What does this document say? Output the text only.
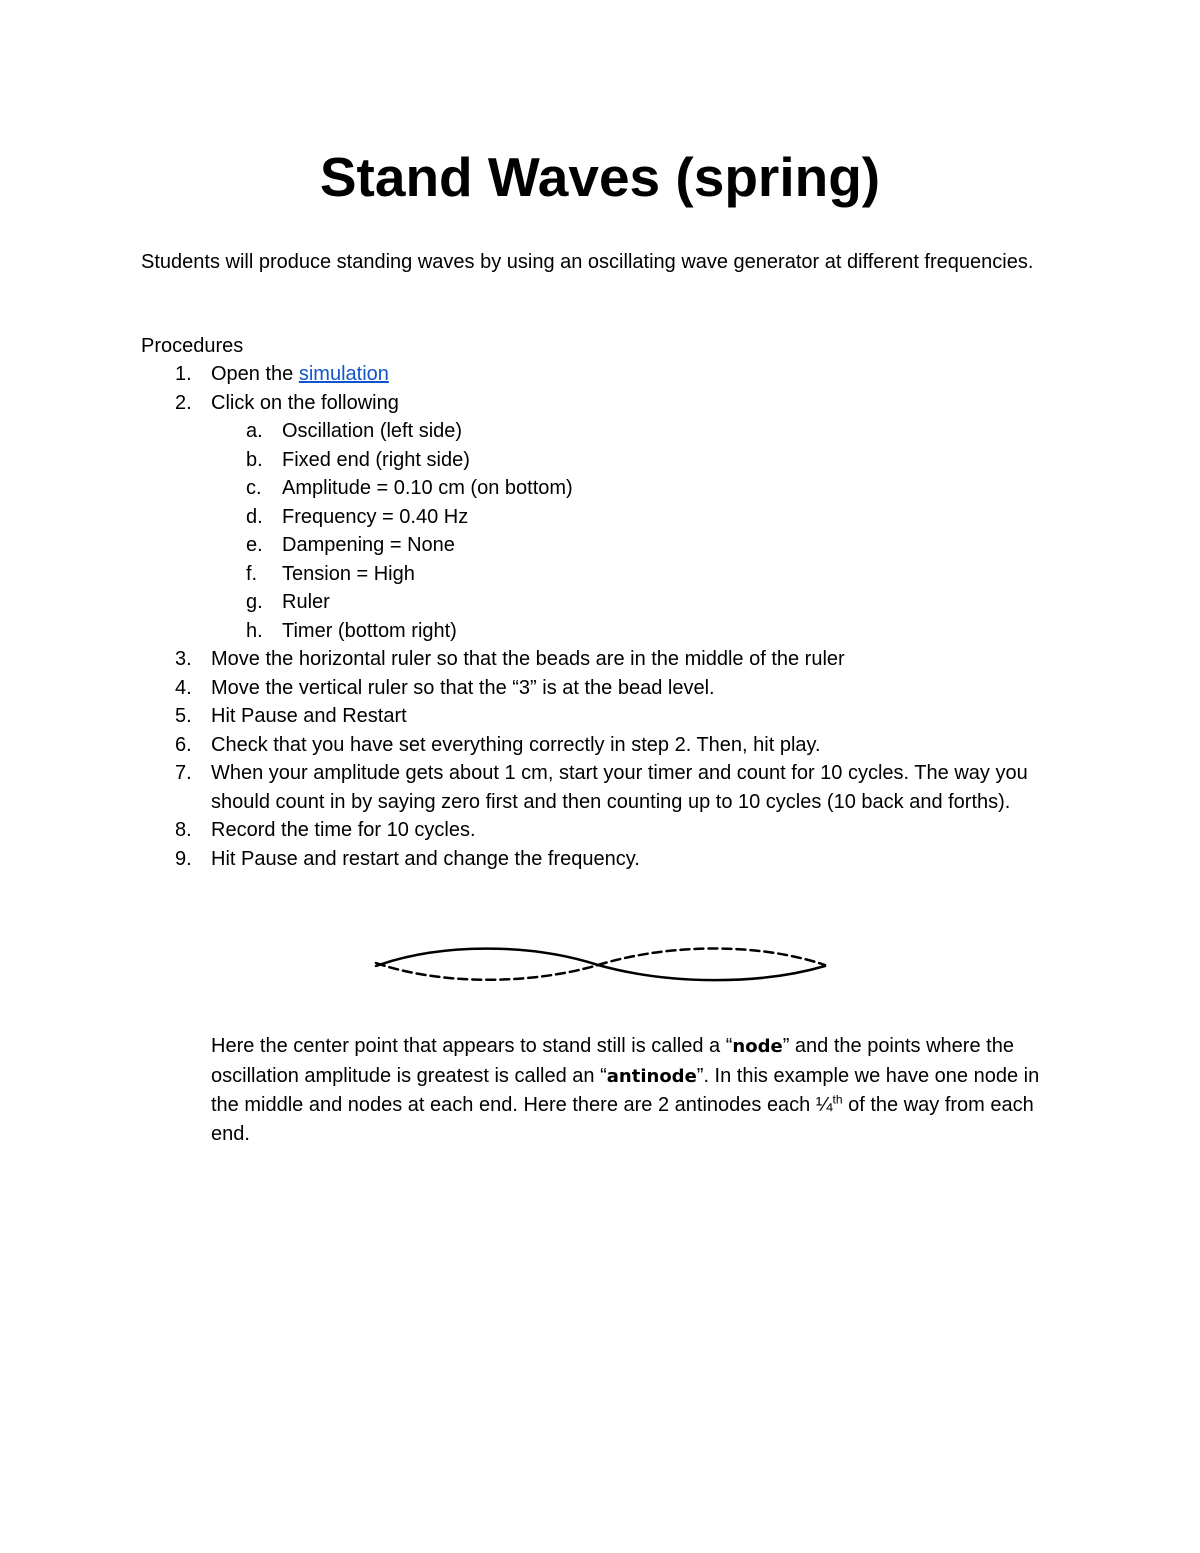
Stand Waves (spring)

Students will produce standing waves by using an oscillating wave generator at different frequencies.

Procedures

1. Open the simulation
2. Click on the following
a. Oscillation (left side)
b. Fixed end (right side)
c. Amplitude = 0.10 cm (on bottom)
d. Frequency = 0.40 Hz
e. Dampening = None
f. Tension = High
g. Ruler
h. Timer (bottom right)
3. Move the horizontal ruler so that the beads are in the middle of the ruler
4. Move the vertical ruler so that the “3” is at the bead level.
5. Hit Pause and Restart
6. Check that you have set everything correctly in step 2. Then, hit play.
7. When your amplitude gets about 1 cm, start your timer and count for 10 cycles. The way you should count in by saying zero first and then counting up to 10 cycles (10 back and forths).
8. Record the time for 10 cycles.
9. Hit Pause and restart and change the frequency.

Here the center point that appears to stand still is called a “node” and the points where the oscillation amplitude is greatest is called an “antinode”. In this example we have one node in the middle and nodes at each end. Here there are 2 antinodes each ¼$^{th}$ of the way from each end.
